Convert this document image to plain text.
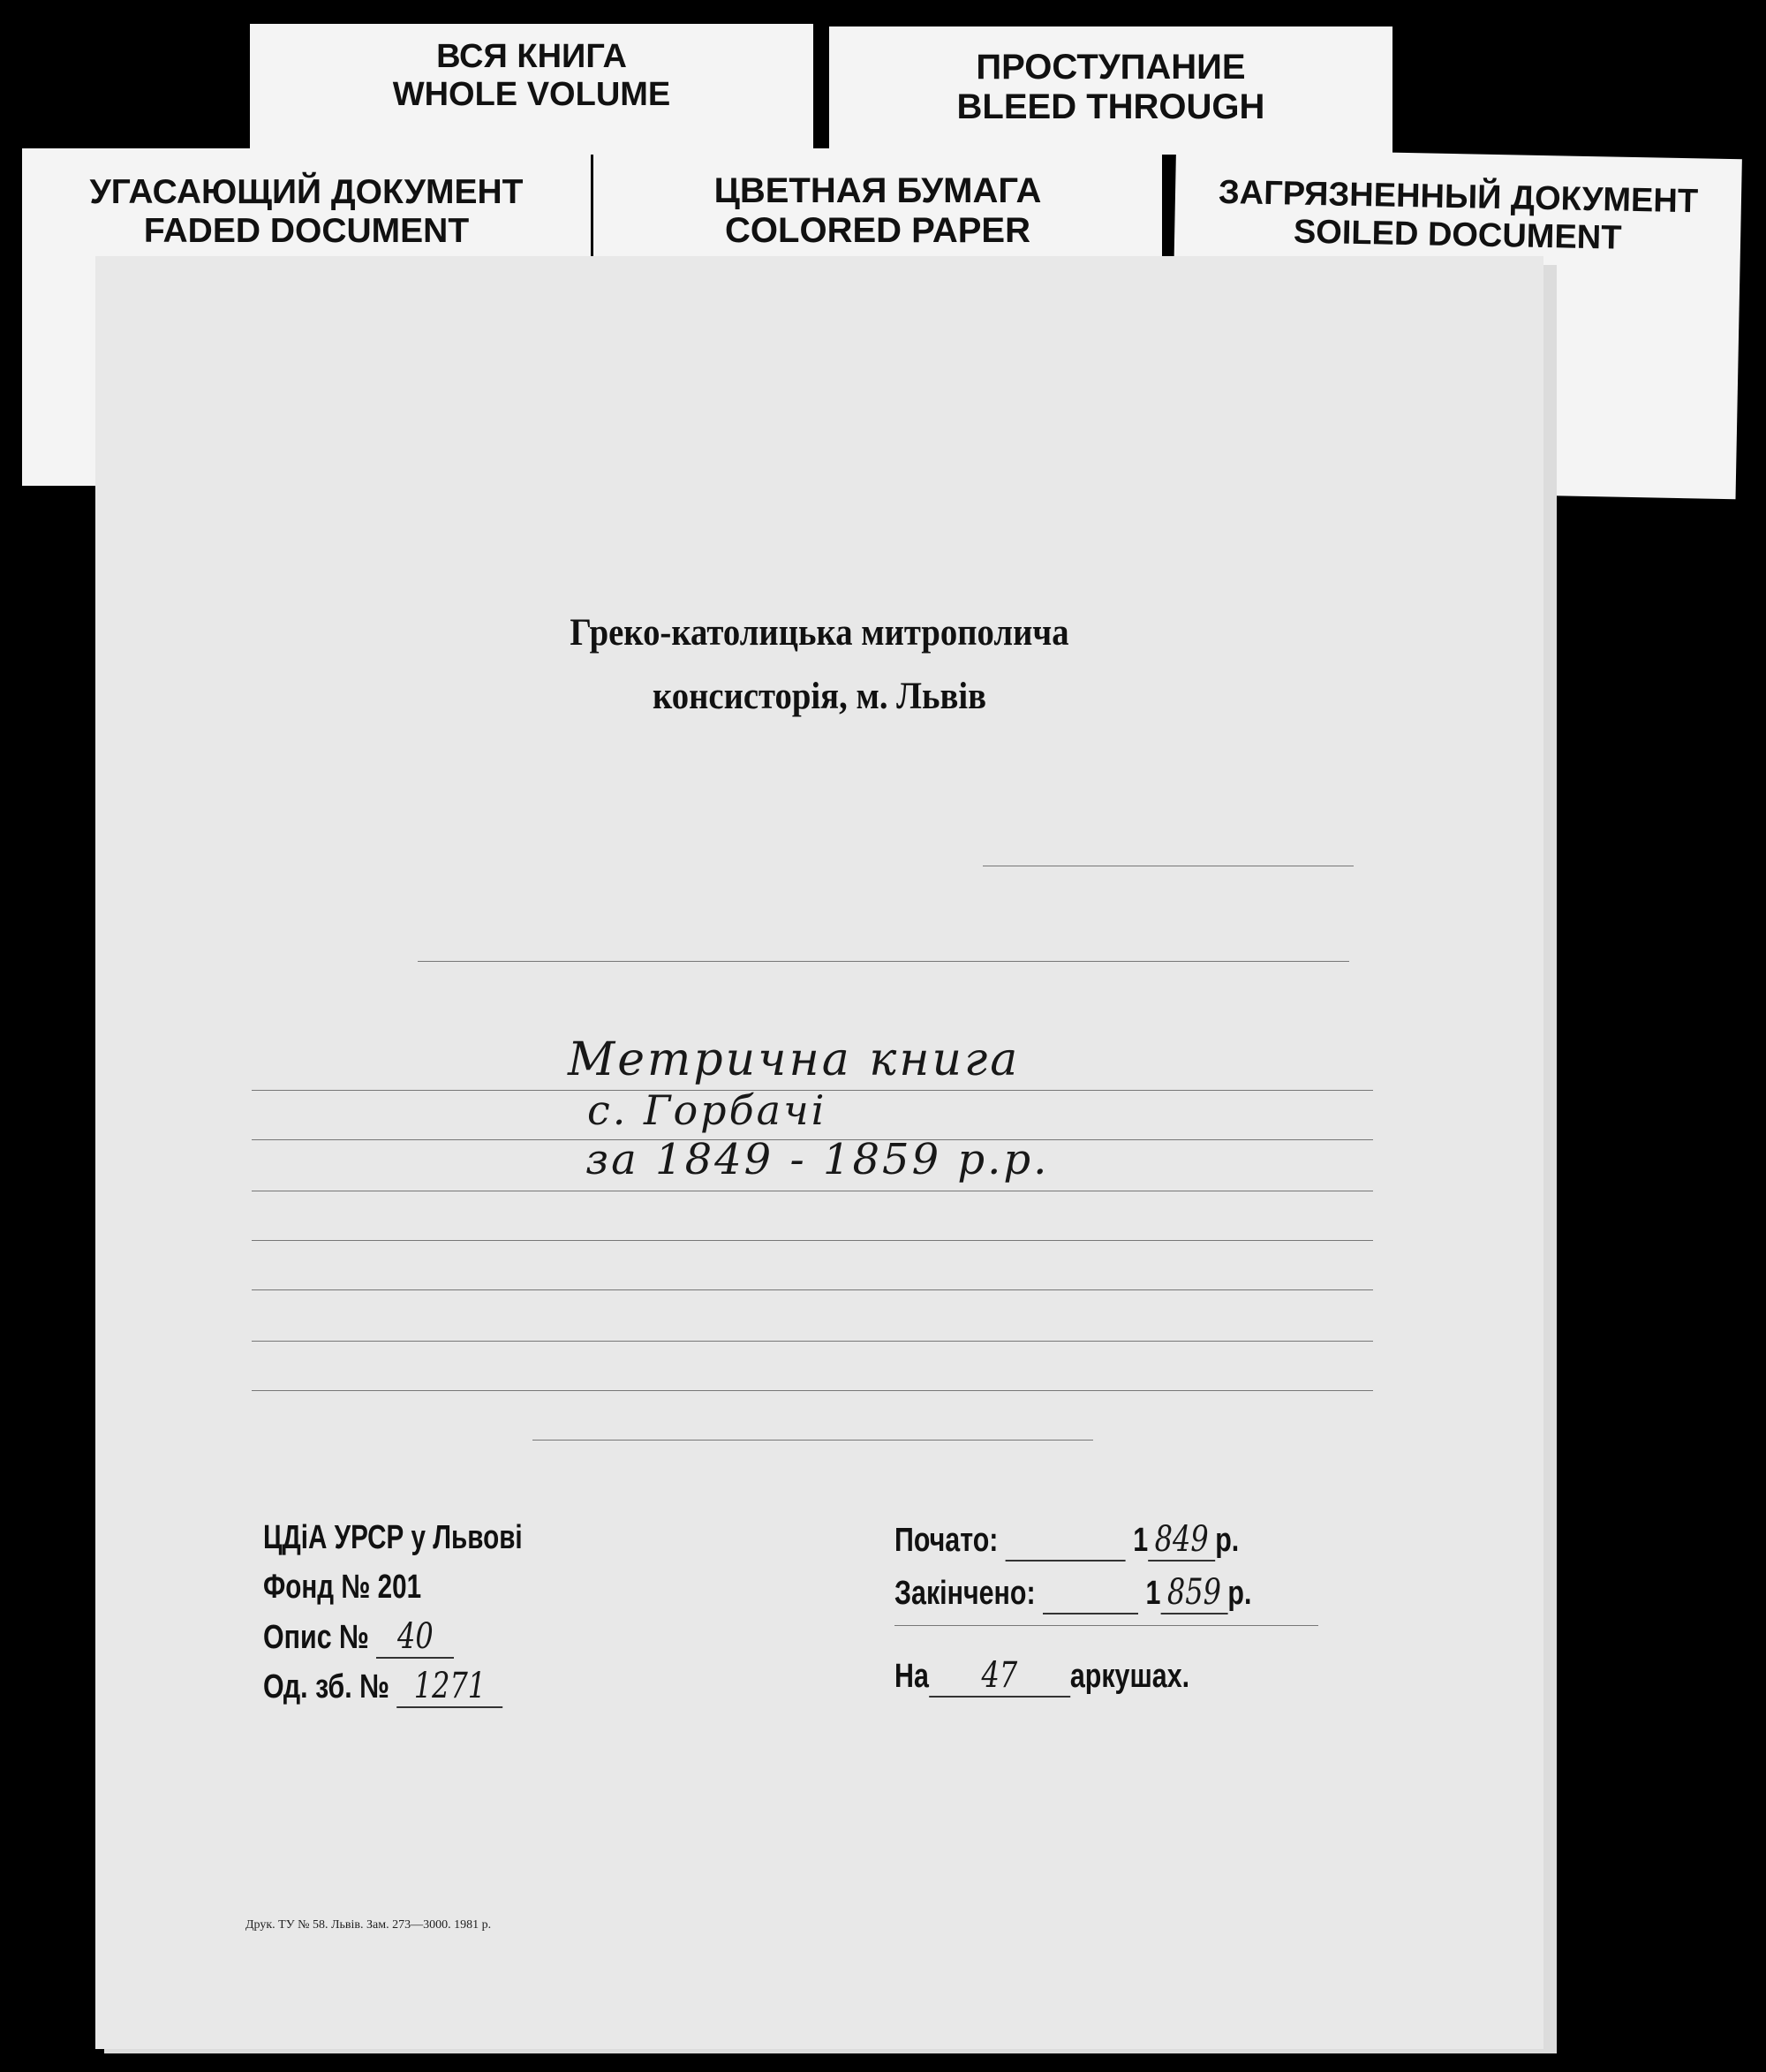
ВСЯ КНИГА
WHOLE VOLUME
ПРОСТУПАНИЕ
BLEED THROUGH
УГАСАЮЩИЙ ДОКУМЕНТ
FADED DOCUMENT
ЦВЕТНАЯ БУМАГА
COLORED PAPER
ЗАГРЯЗНЕННЫЙ ДОКУМЕНТ
SOILED DOCUMENT
Греко-католицька митрополича
консисторія, м. Львів
Метрична книга
с. Горбачі
за 1849 - 1859 р.р.
ЦДіА УРСР у Львові
Фонд № 201
Опис № 40
Од. зб. № 1271
Почато:	1 849 р.
Закінчено:	1 859 р.
На 47 аркушах.
Друк. ТУ № 58. Львів. Зам. 273—3000. 1981 р.
